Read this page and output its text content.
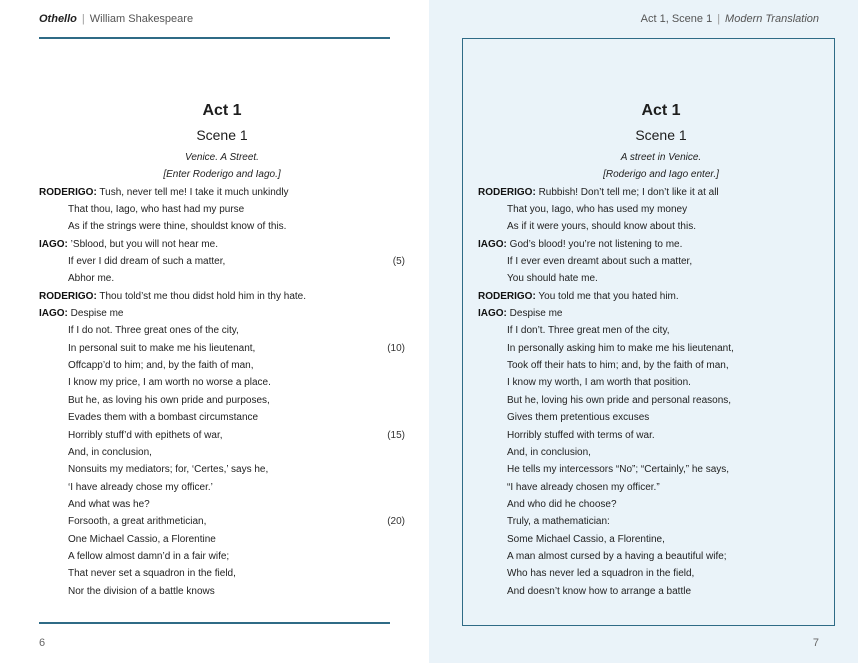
Othello | William Shakespeare
6
Act 1, Scene 1 | Modern Translation
7
Act 1
Scene 1
Venice. A Street.
[Enter Roderigo and Iago.]
RODERIGO: Tush, never tell me! I take it much unkindly
That thou, Iago, who hast had my purse
As if the strings were thine, shouldst know of this.
IAGO: ’Sblood, but you will not hear me.
If ever I did dream of such a matter,	(5)
Abhor me.
RODERIGO: Thou told’st me thou didst hold him in thy hate.
IAGO: Despise me
If I do not. Three great ones of the city,
In personal suit to make me his lieutenant,	(10)
Offcapp’d to him; and, by the faith of man,
I know my price, I am worth no worse a place.
But he, as loving his own pride and purposes,
Evades them with a bombast circumstance
Horribly stuff’d with epithets of war,	(15)
And, in conclusion,
Nonsuits my mediators; for, ‘Certes,’ says he,
‘I have already chose my officer.’
And what was he?
Forsooth, a great arithmetician,	(20)
One Michael Cassio, a Florentine
A fellow almost damn’d in a fair wife;
That never set a squadron in the field,
Nor the division of a battle knows
Act 1
Scene 1
A street in Venice.
[Roderigo and Iago enter.]
RODERIGO: Rubbish! Don’t tell me; I don’t like it at all
That you, Iago, who has used my money
As if it were yours, should know about this.
IAGO: God’s blood! you’re not listening to me.
If I ever even dreamt about such a matter,
You should hate me.
RODERIGO: You told me that you hated him.
IAGO: Despise me
If I don’t. Three great men of the city,
In personally asking him to make me his lieutenant,
Took off their hats to him; and, by the faith of man,
I know my worth, I am worth that position.
But he, loving his own pride and personal reasons,
Gives them pretentious excuses
Horribly stuffed with terms of war.
And, in conclusion,
He tells my intercessors “No”; “Certainly,” he says,
“I have already chosen my officer.”
And who did he choose?
Truly, a mathematician:
Some Michael Cassio, a Florentine,
A man almost cursed by a having a beautiful wife;
Who has never led a squadron in the field,
And doesn’t know how to arrange a battle
